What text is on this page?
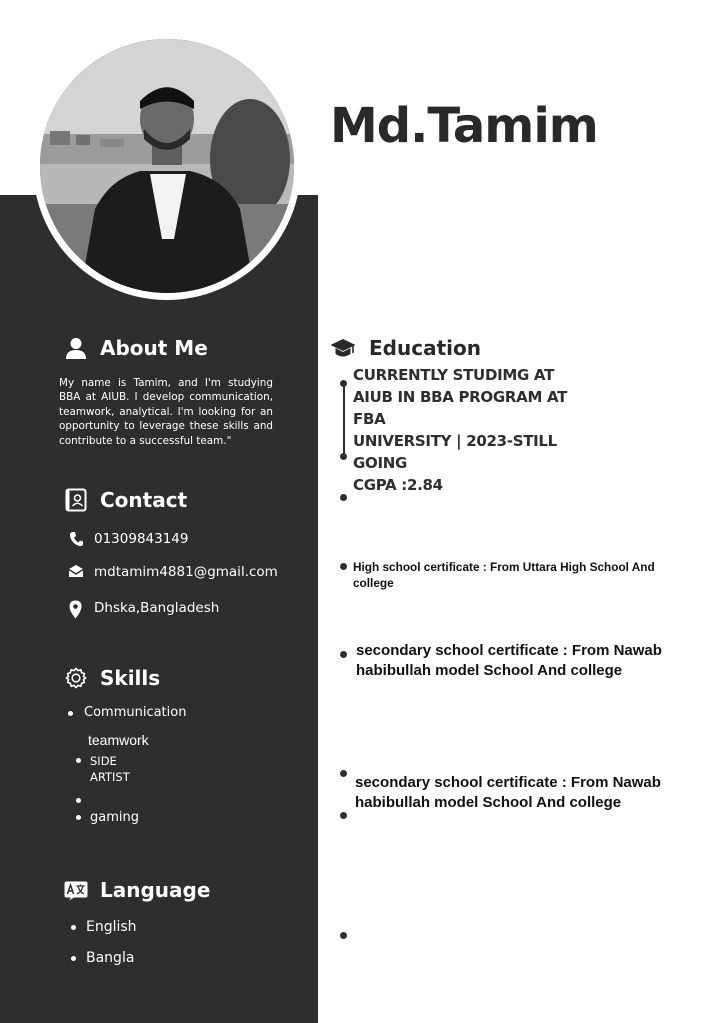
Md.Tamim
About Me
My name is Tamim, and I'm studying BBA at AIUB. I develop communication, teamwork, analytical. I'm looking for an opportunity to leverage these skills and contribute to a successful team."
Contact
01309843149
mdtamim4881@gmail.com
Dhska,Bangladesh
Skills
Communication
teamwork
SIDE
ARTIST
gaming
Language
English
Bangla
Education
CURRENTLY STUDIMG AT
AIUB IN BBA PROGRAM AT
FBA
UNIVERSITY | 2023-STILL
GOING
CGPA :2.84
High school certificate : From Uttara High School And college
secondary school certificate : From Nawab habibullah model School And college
secondary school certificate : From Nawab habibullah model School And college
